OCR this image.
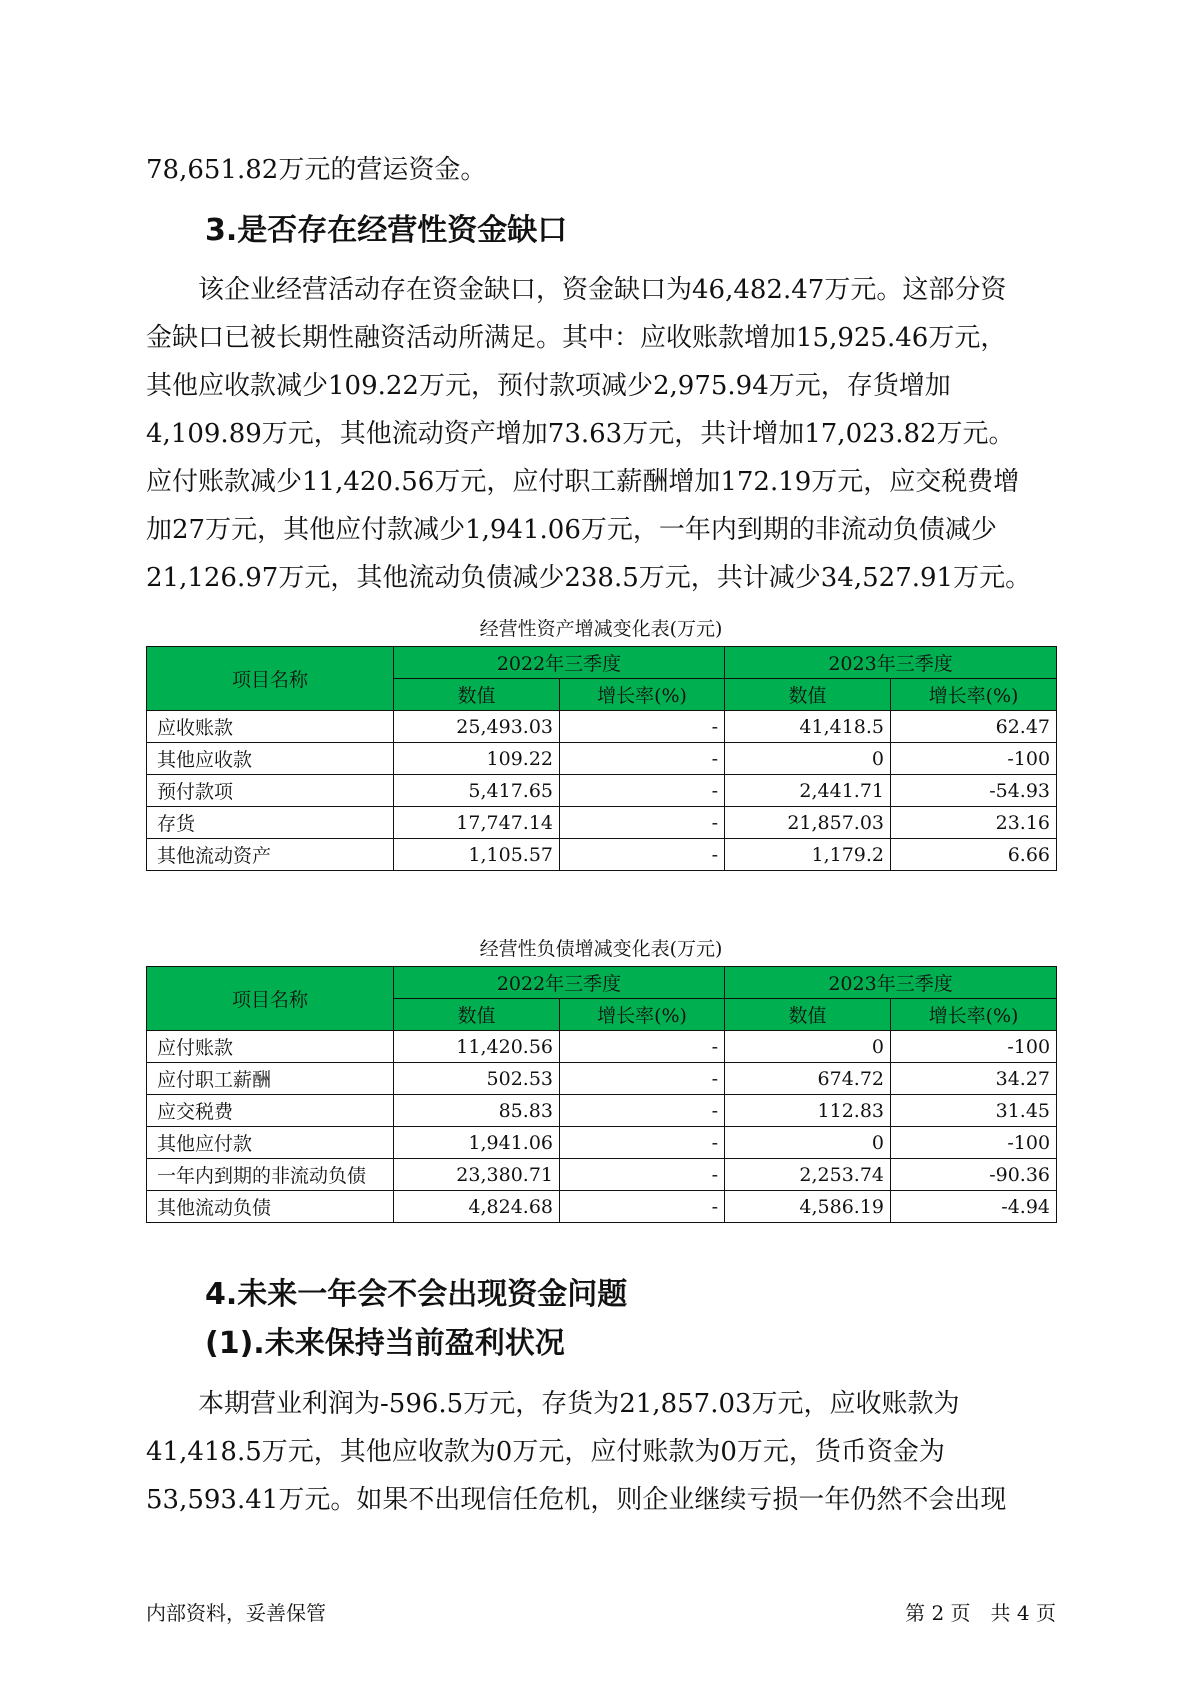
78,651.82万元的营运资金。

3.是否存在经营性资金缺口

　　该企业经营活动存在资金缺口，资金缺口为46,482.47万元。这部分资
金缺口已被长期性融资活动所满足。其中：应收账款增加15,925.46万元，
其他应收款减少109.22万元，预付款项减少2,975.94万元，存货增加
4,109.89万元，其他流动资产增加73.63万元，共计增加17,023.82万元。
应付账款减少11,420.56万元，应付职工薪酬增加172.19万元，应交税费增
加27万元，其他应付款减少1,941.06万元，一年内到期的非流动负债减少
21,126.97万元，其他流动负债减少238.5万元，共计减少34,527.91万元。

经营性资产增减变化表(万元)
项目名称	2022年三季度		2023年三季度	
	数值	增长率(%)	数值	增长率(%)
应收账款	25,493.03	-	41,418.5	62.47
其他应收款	109.22	-	0	-100
预付款项	5,417.65	-	2,441.71	-54.93
存货	17,747.14	-	21,857.03	23.16
其他流动资产	1,105.57	-	1,179.2	6.66
经营性负债增减变化表(万元)
项目名称	2022年三季度		2023年三季度	
	数值	增长率(%)	数值	增长率(%)
应付账款	11,420.56	-	0	-100
应付职工薪酬	502.53	-	674.72	34.27
应交税费	85.83	-	112.83	31.45
其他应付款	1,941.06	-	0	-100
一年内到期的非流动负债	23,380.71	-	2,253.74	-90.36
其他流动负债	4,824.68	-	4,586.19	-4.94
4.未来一年会不会出现资金问题
(1).未来保持当前盈利状况

　　本期营业利润为-596.5万元，存货为21,857.03万元，应收账款为
41,418.5万元，其他应收款为0万元，应付账款为0万元，货币资金为
53,593.41万元。如果不出现信任危机，则企业继续亏损一年仍然不会出现

内部资料，妥善保管	第 2 页　共 4 页
